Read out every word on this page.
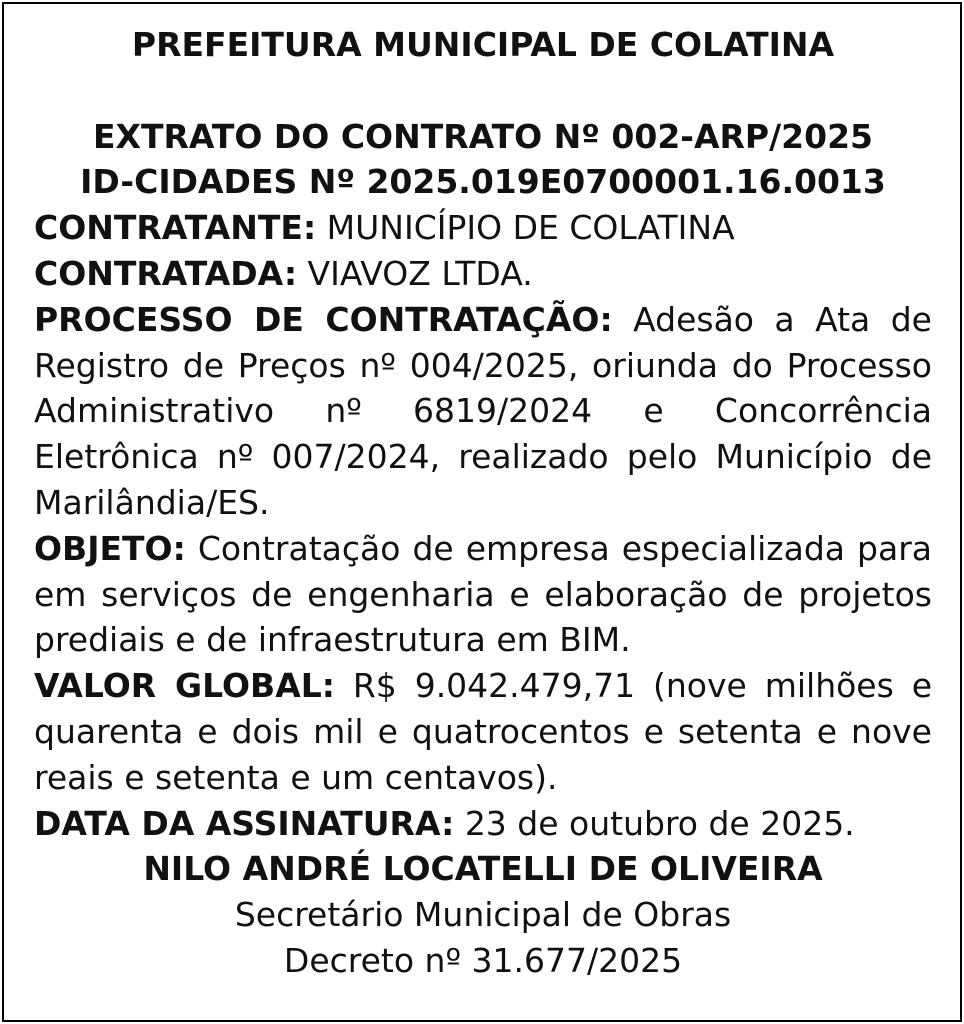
PREFEITURA MUNICIPAL DE COLATINA

EXTRATO DO CONTRATO Nº 002-ARP/2025

ID-CIDADES Nº 2025.019E0700001.16.0013

CONTRATANTE: MUNICÍPIO DE COLATINA

CONTRATADA: VIAVOZ LTDA.

PROCESSO DE CONTRATAÇÃO: Adesão a Ata de Registro de Preços nº 004/2025, oriunda do Processo Administrativo nº 6819/2024 e Concorrência Eletrônica nº 007/2024, realizado pelo Município de Marilândia/ES.

OBJETO: Contratação de empresa especializada para em serviços de engenharia e elaboração de projetos prediais e de infraestrutura em BIM.

VALOR GLOBAL: R$ 9.042.479,71 (nove milhões e quarenta e dois mil e quatrocentos e setenta e nove reais e setenta e um centavos).

DATA DA ASSINATURA: 23 de outubro de 2025.

NILO ANDRÉ LOCATELLI DE OLIVEIRA

Secretário Municipal de Obras

Decreto nº 31.677/2025
